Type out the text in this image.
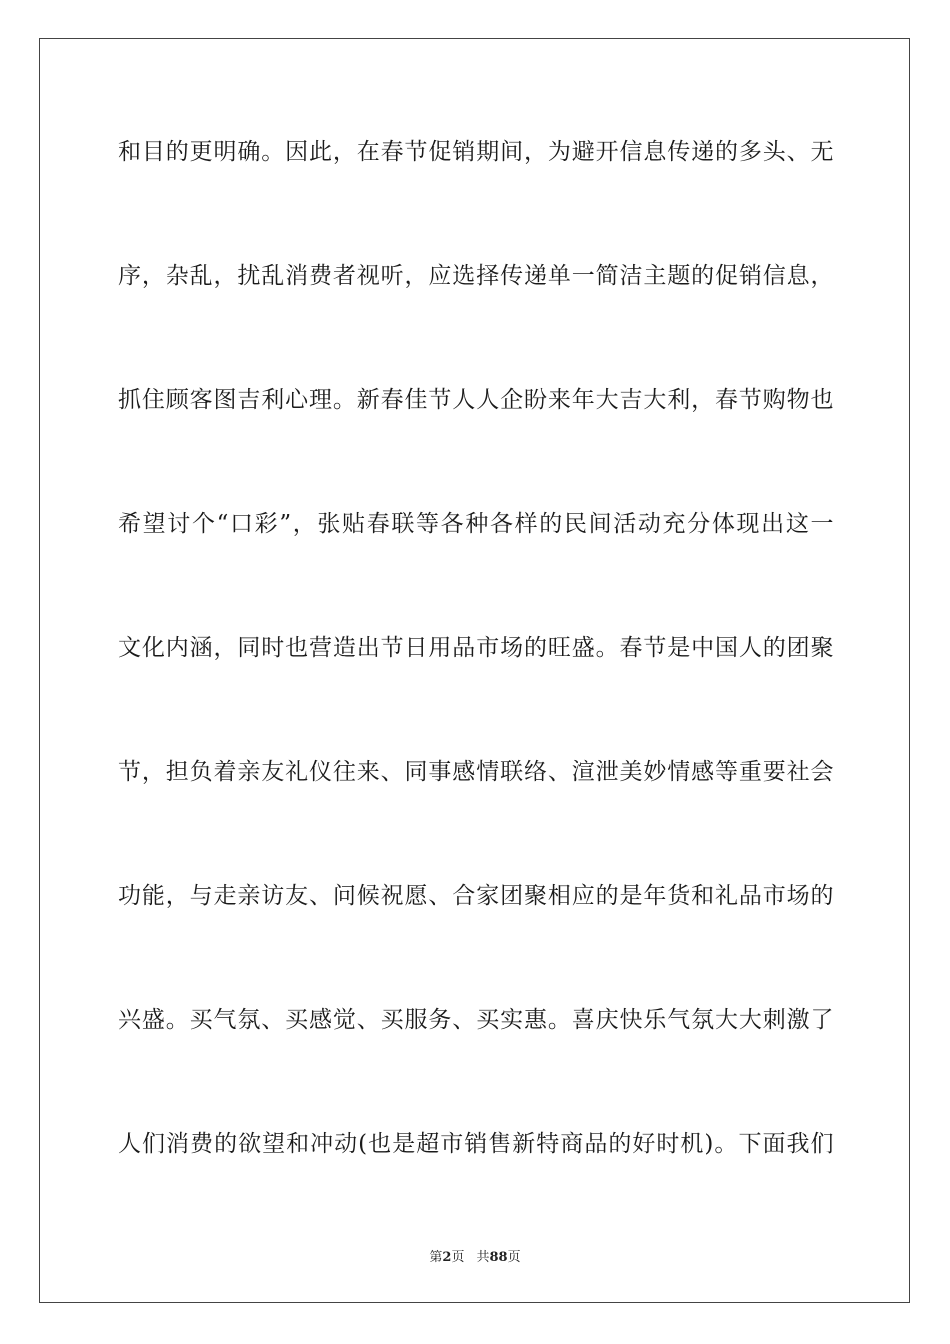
和目的更明确。因此，在春节促销期间，为避开信息传递的多头、无
序，杂乱，扰乱消费者视听，应选择传递单一简洁主题的促销信息，
抓住顾客图吉利心理。新春佳节人人企盼来年大吉大利，春节购物也
希望讨个“口彩”，张贴春联等各种各样的民间活动充分体现出这一
文化内涵，同时也营造出节日用品市场的旺盛。春节是中国人的团聚
节，担负着亲友礼仪往来、同事感情联络、渲泄美妙情感等重要社会
功能，与走亲访友、问候祝愿、合家团聚相应的是年货和礼品市场的
兴盛。买气氛、买感觉、买服务、买实惠。喜庆快乐气氛大大刺激了
人们消费的欲望和冲动(也是超市销售新特商品的好时机)。下面我们
第2页 共88页
